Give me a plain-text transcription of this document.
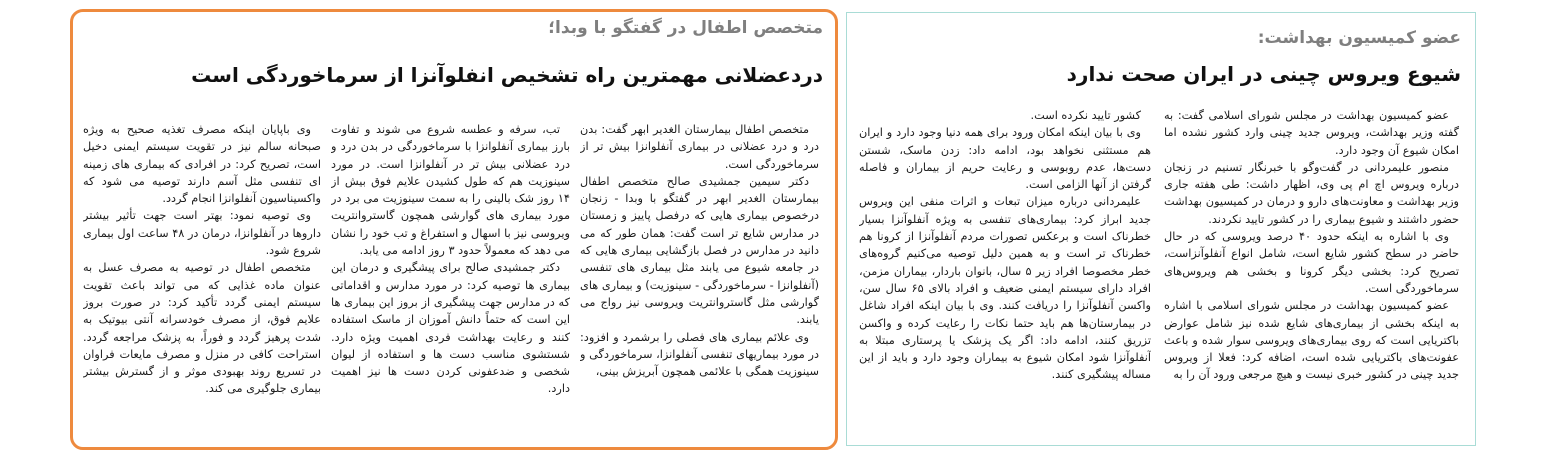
متخصص اطفال در گفتگو با وبدا؛
دردعضلانی مهمترین راه تشخیص انفلوآنزا از سرماخوردگی است

متخصص اطفال بیمارستان الغدیر ابهر گفت: بدن درد و درد عضلانی در بیماری آنفلوانزا بیش تر از سرماخوردگی است.

دکتر سیمین جمشیدی صالح متخصص اطفال بیمارستان الغدیر ابهر در گفتگو با وبدا - زنجان درخصوص بیماری هایی که درفصل پاییز و زمستان در مدارس شایع تر است گفت: همان طور که می دانید در مدارس در فصل بازگشایی بیماری هایی که در جامعه شیوع می یابند مثل بیماری های تنفسی (آنفلوانزا - سرماخوردگی - سینوزیت) و بیماری های گوارشی مثل گاستروانتریت ویروسی نیز رواج می یابند.

وی علائم بیماری های فصلی را برشمرد و افزود: در مورد بیماریهای تنفسی آنفلوانزا، سرماخوردگی و سینوزیت همگی با علائمی همچون آبریزش بینی،

تب، سرفه و عطسه شروع می شوند و تفاوت بارز بیماری آنفلوانزا با سرماخوردگی در بدن درد و درد عضلانی بیش تر در آنفلوانزا است. در مورد سینوزیت هم که طول کشیدن علایم فوق بیش از ۱۴ روز شک بالینی را به سمت سینوزیت می برد در مورد بیماری های گوارشی همچون گاستروانتریت ویروسی نیز با اسهال و استفراغ و تب خود را نشان می دهد که معمولاً حدود ۳ روز ادامه می یابد.

دکتر جمشیدی صالح برای پیشگیری و درمان این بیماری ها توصیه کرد: در مورد مدارس و اقداماتی که در مدارس جهت پیشگیری از بروز این بیماری ها این است که حتماً دانش آموزان از ماسک استفاده کنند و رعایت بهداشت فردی اهمیت ویژه دارد. شستشوی مناسب دست ها و استفاده از لیوان شخصی و ضدعفونی کردن دست ها نیز اهمیت دارد.

وی باپایان اینکه مصرف تغذیه صحیح به ویژه صبحانه سالم نیز در تقویت سیستم ایمنی دخیل است، تصریح کرد: در افرادی که بیماری های زمینه ای تنفسی مثل آسم دارند توصیه می شود که واکسیناسیون آنفلوانزا انجام گردد.

وی توصیه نمود: بهتر است جهت تأثیر بیشتر داروها در آنفلوانزا، درمان در ۴۸ ساعت اول بیماری شروع شود.

متخصص اطفال در توصیه به مصرف عسل به عنوان ماده غذایی که می تواند باعث تقویت سیستم ایمنی گردد تأکید کرد: در صورت بروز علایم فوق، از مصرف خودسرانه آنتی بیوتیک به شدت پرهیز گردد و فوراً، به پزشک مراجعه گردد. استراحت کافی در منزل و مصرف مایعات فراوان در تسریع روند بهبودی موثر و از گسترش بیشتر بیماری جلوگیری می کند.

عضو کمیسیون بهداشت:
شیوع ویروس چینی در ایران صحت ندارد

عضو کمیسیون بهداشت در مجلس شورای اسلامی گفت: به گفته وزیر بهداشت، ویروس جدید چینی وارد کشور نشده اما امکان شیوع آن وجود دارد.

منصور علیمردانی در گفت‌وگو با خبرنگار تسنیم در زنجان درباره ویروس اچ ام پی وی، اظهار داشت: طی هفته جاری وزیر بهداشت و معاونت‌های دارو و درمان در کمیسیون بهداشت حضور داشتند و شیوع بیماری را در کشور تایید نکردند.

وی با اشاره به اینکه حدود ۴۰ درصد ویروسی که در حال حاضر در سطح کشور شایع است، شامل انواع آنفلوآنزاست، تصریح کرد: بخشی دیگر کرونا و بخشی هم ویروس‌های سرماخوردگی است.

عضو کمیسیون بهداشت در مجلس شورای اسلامی با اشاره به اینکه بخشی از بیماری‌های شایع شده نیز شامل عوارض باکتریایی است که روی بیماری‌های ویروسی سوار شده و باعث عفونت‌های باکتریایی شده است، اضافه کرد: فعلا از ویروس جدید چینی در کشور خبری نیست و هیچ مرجعی ورود آن را به

کشور تایید نکرده است.

وی با بیان اینکه امکان ورود برای همه دنیا وجود دارد و ایران هم مستثنی نخواهد بود، ادامه داد: زدن ماسک، شستن دست‌ها، عدم روبوسی و رعایت حریم از بیماران و فاصله گرفتن از آنها الزامی است.

علیمردانی درباره میزان تبعات و اثرات منفی این ویروس جدید ابراز کرد: بیماری‌های تنفسی به ویژه آنفلوآنزا بسیار خطرناک است و برعکس تصورات مردم آنفلوآنزا از کرونا هم خطرناک تر است و به همین دلیل توصیه می‌کنیم گروه‌های خطر مخصوصا افراد زیر ۵ سال، بانوان باردار، بیماران مزمن، افراد دارای سیستم ایمنی ضعیف و افراد بالای ۶۵ سال سن، واکسن آنفلوآنزا را دریافت کنند. وی با بیان اینکه افراد شاغل در بیمارستان‌ها هم باید حتما نکات را رعایت کرده و واکسن تزریق کنند، ادامه داد: اگر یک پزشک یا پرستاری مبتلا به آنفلوآنزا شود امکان شیوع به بیماران وجود دارد و باید از این مساله پیشگیری کنند.
